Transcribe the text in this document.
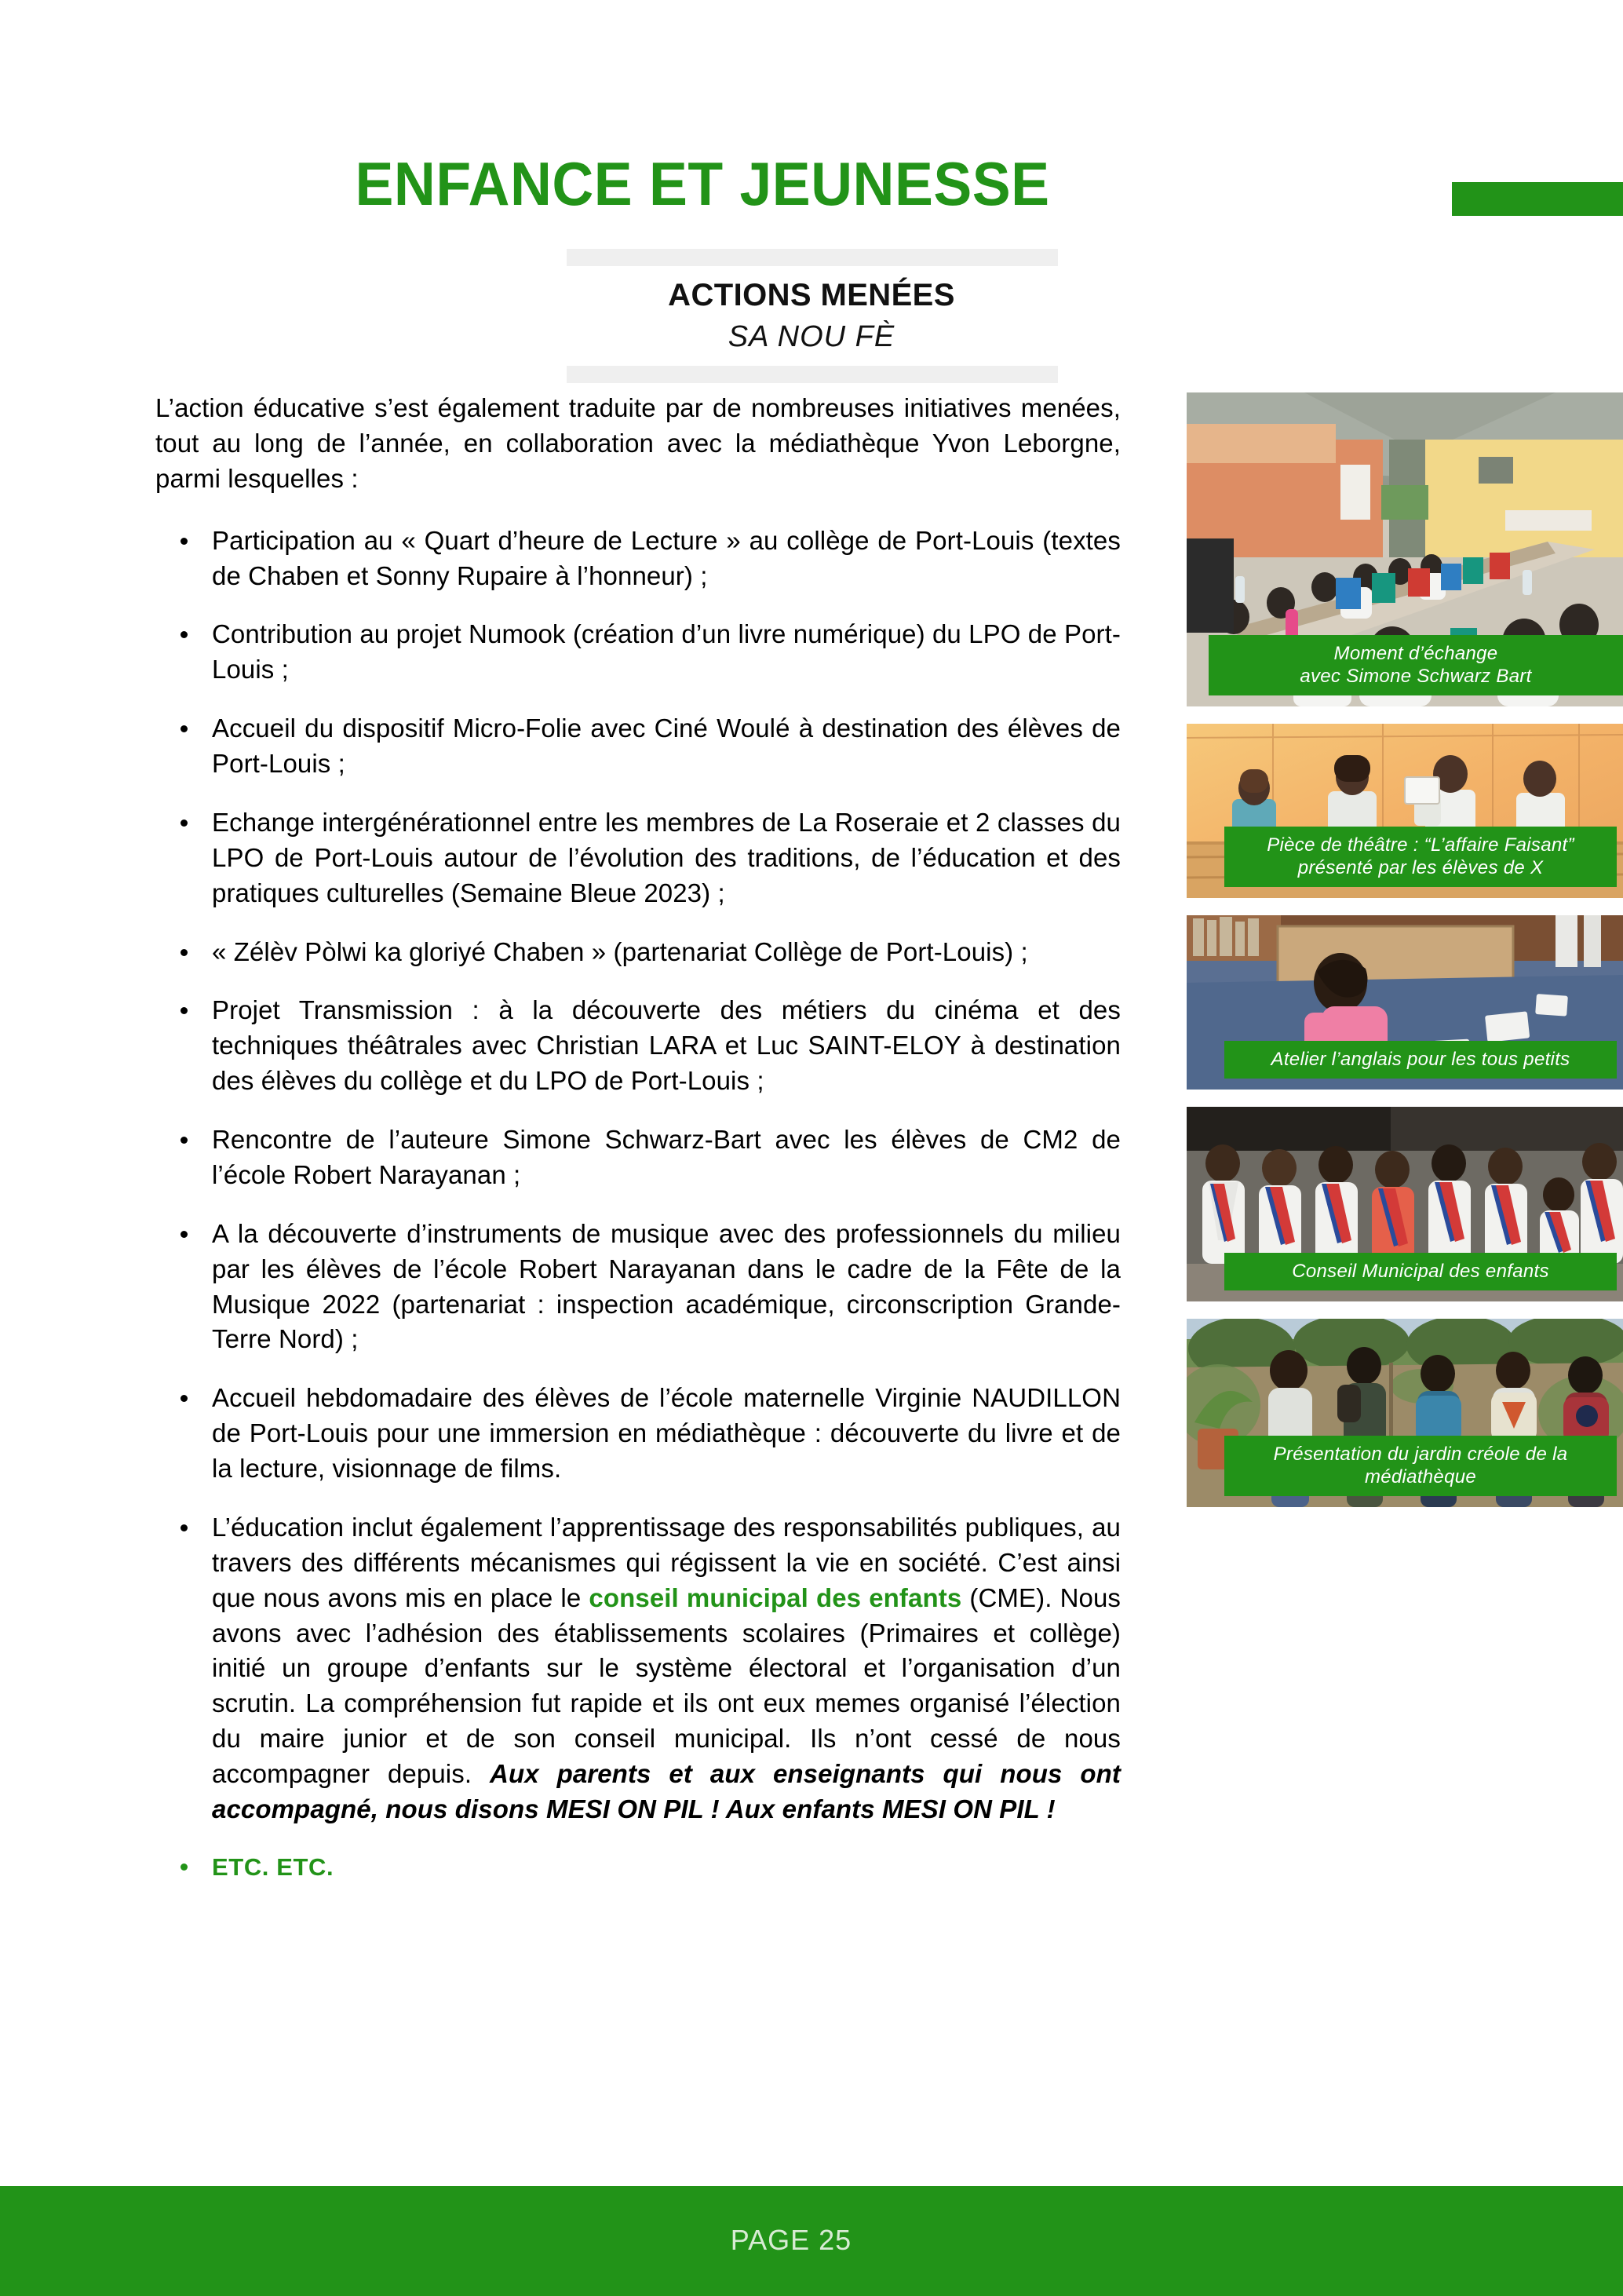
ENFANCE ET JEUNESSE
ACTIONS MENÉES
SA NOU FÈ

L’action éducative s’est également traduite par de nombreuses initiatives menées, tout au long de l’année, en collaboration avec la médiathèque Yvon Leborgne, parmi lesquelles :

Participation au « Quart d’heure de Lecture » au collège de Port-Louis (textes de Chaben et Sonny Rupaire à l’honneur) ;
Contribution au projet Numook (création d’un livre numérique) du LPO de Port-Louis ;
Accueil du dispositif Micro-Folie avec Ciné Woulé à destination des élèves de Port-Louis ;
Echange intergénérationnel entre les membres de La Roseraie et 2 classes du LPO de Port-Louis autour de l’évolution des traditions, de l’éducation et des pratiques culturelles (Semaine Bleue 2023) ;
« Zélèv Pòlwi ka gloriyé Chaben » (partenariat Collège de Port-Louis) ;
Projet Transmission : à la découverte des métiers du cinéma et des techniques théâtrales avec Christian LARA et Luc SAINT-ELOY à destination des élèves du collège et du LPO de Port-Louis ;
Rencontre de l’auteure Simone Schwarz-Bart avec les élèves de CM2 de l’école Robert Narayanan ;
A la découverte d’instruments de musique avec des professionnels du milieu par les élèves de l’école Robert Narayanan dans le cadre de la Fête de la Musique 2022 (partenariat : inspection académique, circonscription Grande-Terre Nord) ;
Accueil hebdomadaire des élèves de l’école maternelle Virginie NAUDILLON de Port-Louis pour une immersion en médiathèque : découverte du livre et de la lecture, visionnage de films.
L’éducation inclut également l’apprentissage des responsabilités publiques, au travers des différents mécanismes qui régissent la vie en société. C’est ainsi que nous avons mis en place le conseil municipal des enfants (CME). Nous avons avec l’adhésion des établissements scolaires (Primaires et collège) initié un groupe d’enfants sur le système électoral et l’organisation d’un scrutin. La compréhension fut rapide et ils ont eux memes organisé l’élection du maire junior et de son conseil municipal. Ils n’ont cessé de nous accompagner depuis. Aux parents et aux enseignants qui nous ont accompagné, nous disons MESI ON PIL ! Aux enfants MESI ON PIL !
ETC. ETC.
Moment d’échange
avec Simone Schwarz Bart
Pièce de théâtre : “L’affaire Faisant”
présenté par les élèves de X
Atelier l’anglais pour les tous petits
Conseil Municipal des enfants
Présentation du jardin créole de la
médiathèque
PAGE 25
